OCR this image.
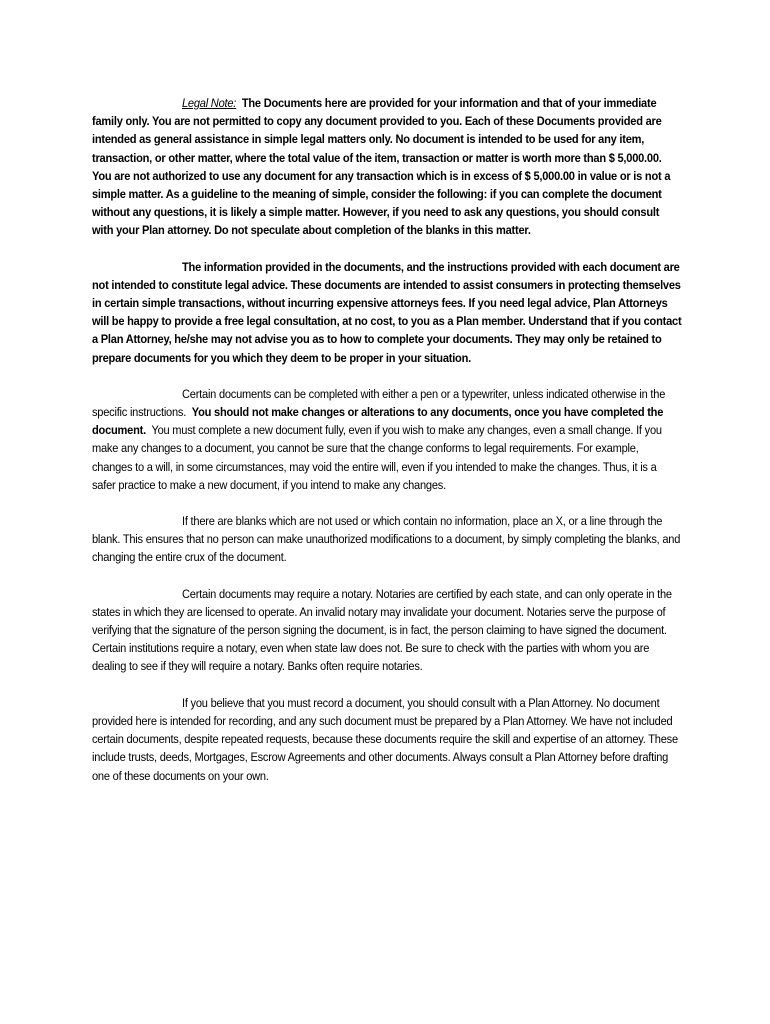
Legal Note: The Documents here are provided for your information and that of your immediate family only. You are not permitted to copy any document provided to you. Each of these Documents provided are intended as general assistance in simple legal matters only. No document is intended to be used for any item, transaction, or other matter, where the total value of the item, transaction or matter is worth more than $ 5,000.00. You are not authorized to use any document for any transaction which is in excess of $ 5,000.00 in value or is not a simple matter. As a guideline to the meaning of simple, consider the following: if you can complete the document without any questions, it is likely a simple matter. However, if you need to ask any questions, you should consult with your Plan attorney. Do not speculate about completion of the blanks in this matter.

The information provided in the documents, and the instructions provided with each document are not intended to constitute legal advice. These documents are intended to assist consumers in protecting themselves in certain simple transactions, without incurring expensive attorneys fees. If you need legal advice, Plan Attorneys will be happy to provide a free legal consultation, at no cost, to you as a Plan member. Understand that if you contact a Plan Attorney, he/she may not advise you as to how to complete your documents. They may only be retained to prepare documents for you which they deem to be proper in your situation.

Certain documents can be completed with either a pen or a typewriter, unless indicated otherwise in the specific instructions. You should not make changes or alterations to any documents, once you have completed the document. You must complete a new document fully, even if you wish to make any changes, even a small change. If you make any changes to a document, you cannot be sure that the change conforms to legal requirements. For example, changes to a will, in some circumstances, may void the entire will, even if you intended to make the changes. Thus, it is a safer practice to make a new document, if you intend to make any changes.

If there are blanks which are not used or which contain no information, place an X, or a line through the blank. This ensures that no person can make unauthorized modifications to a document, by simply completing the blanks, and changing the entire crux of the document.

Certain documents may require a notary. Notaries are certified by each state, and can only operate in the states in which they are licensed to operate. An invalid notary may invalidate your document. Notaries serve the purpose of verifying that the signature of the person signing the document, is in fact, the person claiming to have signed the document. Certain institutions require a notary, even when state law does not. Be sure to check with the parties with whom you are dealing to see if they will require a notary. Banks often require notaries.

If you believe that you must record a document, you should consult with a Plan Attorney. No document provided here is intended for recording, and any such document must be prepared by a Plan Attorney. We have not included certain documents, despite repeated requests, because these documents require the skill and expertise of an attorney. These include trusts, deeds, Mortgages, Escrow Agreements and other documents. Always consult a Plan Attorney before drafting one of these documents on your own.
